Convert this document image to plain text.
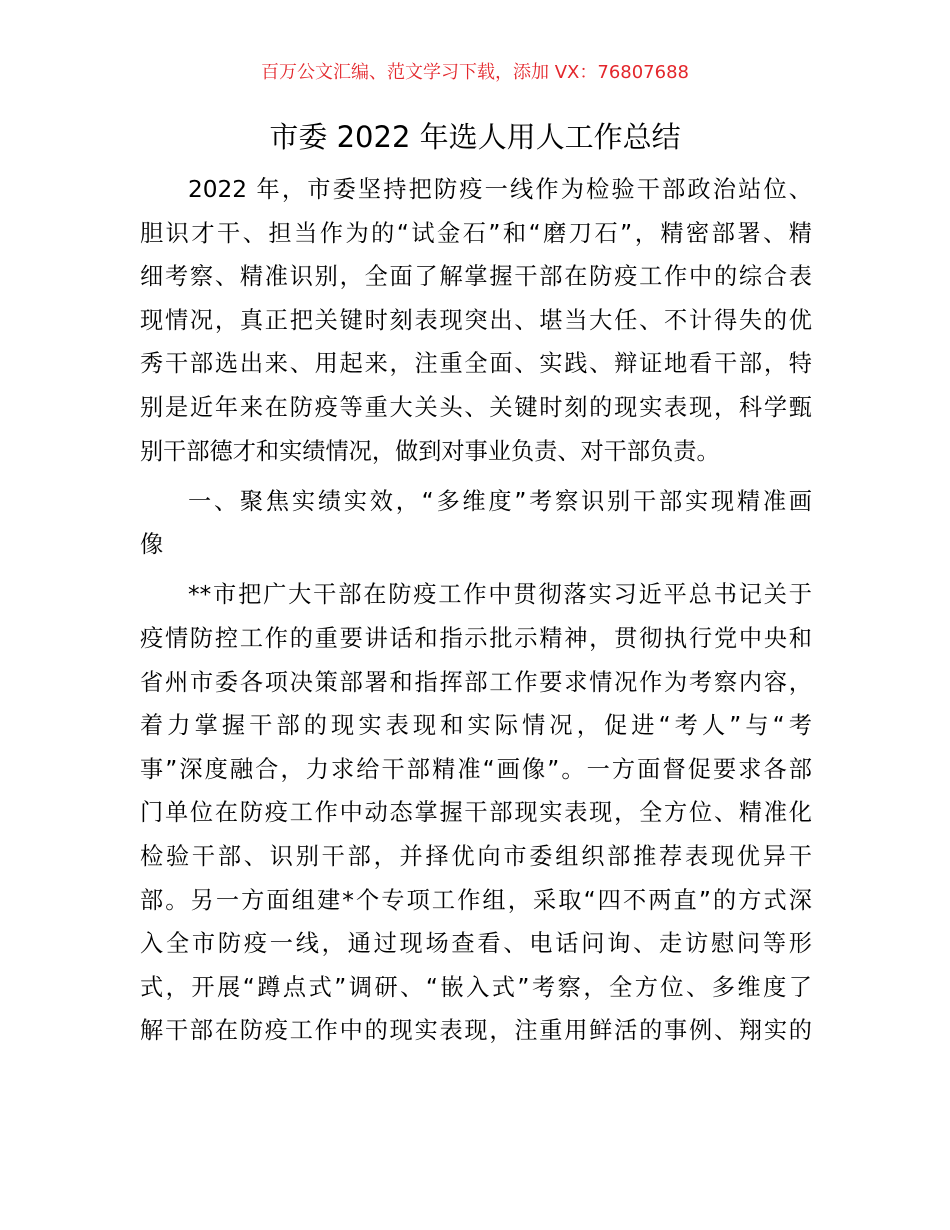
百万公文汇编、范文学习下载，添加 VX：76807688
市委 2022 年选人用人工作总结
2022 年，市委坚持把防疫一线作为检验干部政治站位、
胆识才干、担当作为的“试金石”和“磨刀石”，精密部署、精
细考察、精准识别，全面了解掌握干部在防疫工作中的综合表
现情况，真正把关键时刻表现突出、堪当大任、不计得失的优
秀干部选出来、用起来，注重全面、实践、辩证地看干部，特
别是近年来在防疫等重大关头、关键时刻的现实表现，科学甄
别干部德才和实绩情况，做到对事业负责、对干部负责。
一、聚焦实绩实效，“多维度”考察识别干部实现精准画
像
**市把广大干部在防疫工作中贯彻落实习近平总书记关于
疫情防控工作的重要讲话和指示批示精神，贯彻执行党中央和
省州市委各项决策部署和指挥部工作要求情况作为考察内容，
着力掌握干部的现实表现和实际情况，促进“考人”与“考
事”深度融合，力求给干部精准“画像”。一方面督促要求各部
门单位在防疫工作中动态掌握干部现实表现，全方位、精准化
检验干部、识别干部，并择优向市委组织部推荐表现优异干
部。另一方面组建*个专项工作组，采取“四不两直”的方式深
入全市防疫一线，通过现场查看、电话问询、走访慰问等形
式，开展“蹲点式”调研、“嵌入式”考察，全方位、多维度了
解干部在防疫工作中的现实表现，注重用鲜活的事例、翔实的
